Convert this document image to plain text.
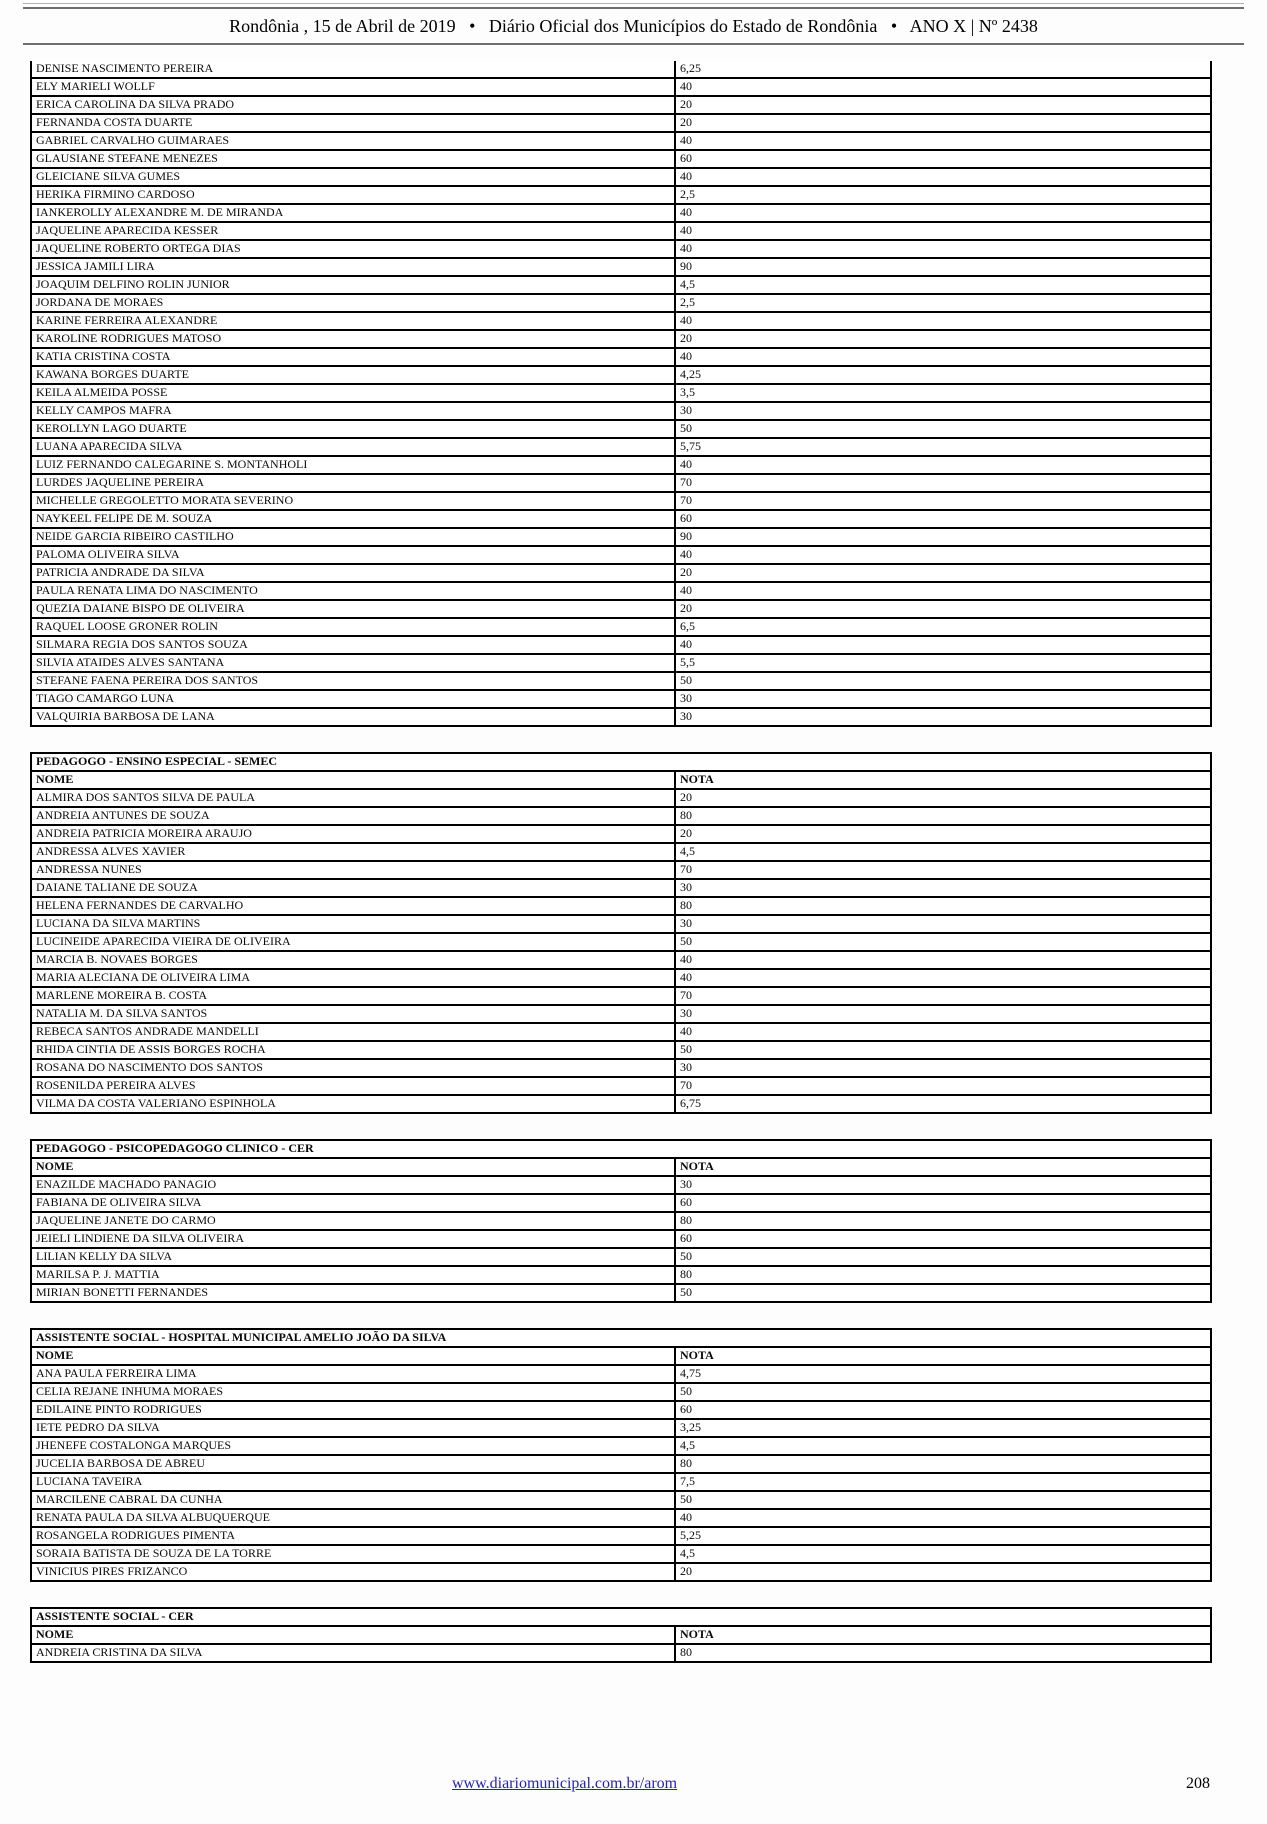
Rondônia , 15 de Abril de 2019   •   Diário Oficial dos Municípios do Estado de Rondônia   •   ANO X | Nº 2438
DENISE NASCIMENTO PEREIRA	6,25
ELY MARIELI WOLLF	40
ERICA CAROLINA DA SILVA PRADO	20
FERNANDA COSTA DUARTE	20
GABRIEL CARVALHO GUIMARAES	40
GLAUSIANE STEFANE MENEZES	60
GLEICIANE SILVA GUMES	40
HERIKA FIRMINO CARDOSO	2,5
IANKEROLLY ALEXANDRE M. DE MIRANDA	40
JAQUELINE APARECIDA KESSER	40
JAQUELINE ROBERTO ORTEGA DIAS	40
JESSICA JAMILI LIRA	90
JOAQUIM DELFINO ROLIN JUNIOR	4,5
JORDANA DE MORAES	2,5
KARINE FERREIRA ALEXANDRE	40
KAROLINE RODRIGUES MATOSO	20
KATIA CRISTINA COSTA	40
KAWANA BORGES DUARTE	4,25
KEILA ALMEIDA POSSE	3,5
KELLY CAMPOS MAFRA	30
KEROLLYN LAGO DUARTE	50
LUANA APARECIDA SILVA	5,75
LUIZ FERNANDO CALEGARINE S. MONTANHOLI	40
LURDES JAQUELINE PEREIRA	70
MICHELLE GREGOLETTO MORATA SEVERINO	70
NAYKEEL FELIPE DE M. SOUZA	60
NEIDE GARCIA RIBEIRO CASTILHO	90
PALOMA OLIVEIRA SILVA	40
PATRICIA ANDRADE DA SILVA	20
PAULA RENATA LIMA DO NASCIMENTO	40
QUEZIA DAIANE BISPO DE OLIVEIRA	20
RAQUEL LOOSE GRONER ROLIN	6,5
SILMARA REGIA DOS SANTOS SOUZA	40
SILVIA ATAIDES ALVES SANTANA	5,5
STEFANE FAENA PEREIRA DOS SANTOS	50
TIAGO CAMARGO LUNA	30
VALQUIRIA BARBOSA DE LANA	30
PEDAGOGO - ENSINO ESPECIAL - SEMEC	
NOME	NOTA
ALMIRA DOS SANTOS SILVA DE PAULA	20
ANDREIA ANTUNES DE SOUZA	80
ANDREIA PATRICIA MOREIRA ARAUJO	20
ANDRESSA ALVES XAVIER	4,5
ANDRESSA NUNES	70
DAIANE TALIANE DE SOUZA	30
HELENA FERNANDES DE CARVALHO	80
LUCIANA DA SILVA MARTINS	30
LUCINEIDE APARECIDA VIEIRA DE OLIVEIRA	50
MARCIA B. NOVAES BORGES	40
MARIA ALECIANA DE OLIVEIRA LIMA	40
MARLENE MOREIRA B. COSTA	70
NATALIA M. DA SILVA SANTOS	30
REBECA SANTOS ANDRADE MANDELLI	40
RHIDA CINTIA DE ASSIS BORGES ROCHA	50
ROSANA DO NASCIMENTO DOS SANTOS	30
ROSENILDA PEREIRA ALVES	70
VILMA DA COSTA VALERIANO ESPINHOLA	6,75
PEDAGOGO - PSICOPEDAGOGO CLINICO - CER	
NOME	NOTA
ENAZILDE MACHADO PANAGIO	30
FABIANA DE OLIVEIRA SILVA	60
JAQUELINE JANETE DO CARMO	80
JEIELI LINDIENE DA SILVA OLIVEIRA	60
LILIAN KELLY DA SILVA	50
MARILSA P. J. MATTIA	80
MIRIAN BONETTI FERNANDES	50
ASSISTENTE SOCIAL - HOSPITAL MUNICIPAL AMELIO JOÃO DA SILVA	
NOME	NOTA
ANA PAULA FERREIRA LIMA	4,75
CELIA REJANE INHUMA MORAES	50
EDILAINE PINTO RODRIGUES	60
IETE PEDRO DA SILVA	3,25
JHENEFE COSTALONGA MARQUES	4,5
JUCELIA BARBOSA DE ABREU	80
LUCIANA TAVEIRA	7,5
MARCILENE CABRAL DA CUNHA	50
RENATA PAULA DA SILVA ALBUQUERQUE	40
ROSANGELA RODRIGUES PIMENTA	5,25
SORAIA BATISTA DE SOUZA DE LA TORRE	4,5
VINICIUS PIRES FRIZANCO	20
ASSISTENTE SOCIAL - CER	
NOME	NOTA
ANDREIA CRISTINA DA SILVA	80
www.diariomunicipal.com.br/arom	208
